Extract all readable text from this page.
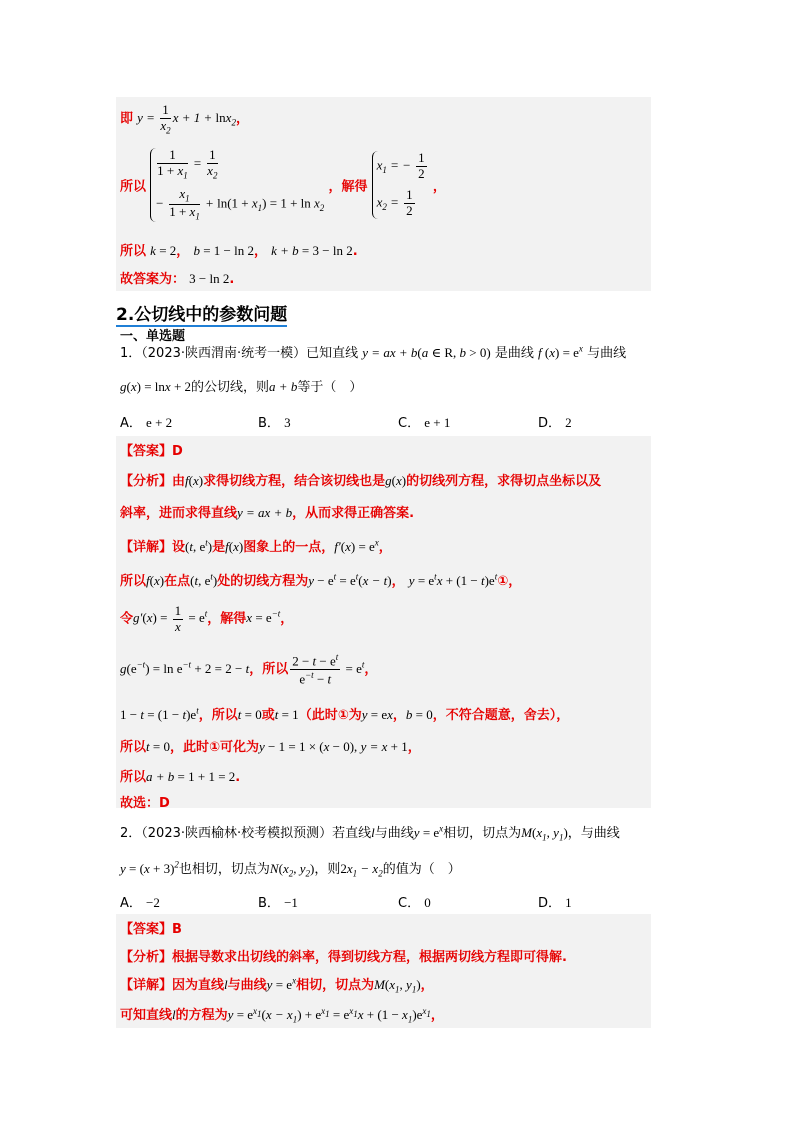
即 $y = \frac{1}{x_2}$ x + 1 + lnx$_2$，
所以
$\frac{1}{1 + x_1} = \frac{1}{x_2}$
− $\frac{x_1}{1 + x_1} + \ln(1 + x_1) = 1 + \ln x_2$
，解得
$x_1$ = − $\frac{1}{2}$
$x_2 = \frac{1}{2}$
，
所以 k = 2， b = 1 − ln 2， k + b = 3 − ln 2.
故答案为： 3 − ln 2.
2.公切线中的参数问题
一、单选题
1．（2023·陕西渭南·统考一模）已知直线 y = ax + b(a ∈ R, b > 0) 是曲线 f $(x) = e^x$ 与曲线
g(x) = lnx + 2的公切线，则a + b等于（　）
A． e + 2	B． 3	C． e + 1	D． 2
【答案】D
【分析】由f(x)求得切线方程，结合该切线也是g(x)的切线列方程，求得切点坐标以及
斜率，进而求得直线y = ax + b，从而求得正确答案.
【详解】设(t, $e^t$)是f(x)图象上的一点，$f'(x) = e^x$，
所以f(x)在点(t, $e^t$)处的切线方程为$y - e^t = e^t(x - t)$， $y = e^tx + (1$ − $t)e^t①$，
令$g'(x) = \frac{1}{x} = e^t$，解得$x = e^{-t}$，
$g(e^{-t}) = \ln e^{-t} + 2 = 2 - t$，所以 $\frac{2 - t - e^t}{e^{-t} - t} = e^t$，
$1 - t = (1 - t)e^t$，所以t = 0或t = 1（此时①为y = ex，b = 0，不符合题意，舍去），
所以t = 0，此时①可化为y − 1 = 1 × (x − 0), y = x + 1，
所以a + b = 1 + 1 = 2.
故选：D
2．（2023·陕西榆林·校考模拟预测）若直线l与曲线$y = e^x$相切，切点为$M(x_1$, $y_1$)，与曲线
$y = (x + 3)^2$也相切，切点为$N(x_2$, $y_2$)，则$2x_1 - x_2$的值为（　）
A． −2	B． −1	C． 0	D． 1
【答案】B
【分析】根据导数求出切线的斜率，得到切线方程，根据两切线方程即可得解.
【详解】因为直线l与曲线$y = e^x$相切，切点为$M(x_1$, $y_1$)，
可知直线l的方程为$y = e^{x_1}(x - x_1) + e^{x_1} = e^{x_1}x + (1 - x_1)e^{x_1}$，
